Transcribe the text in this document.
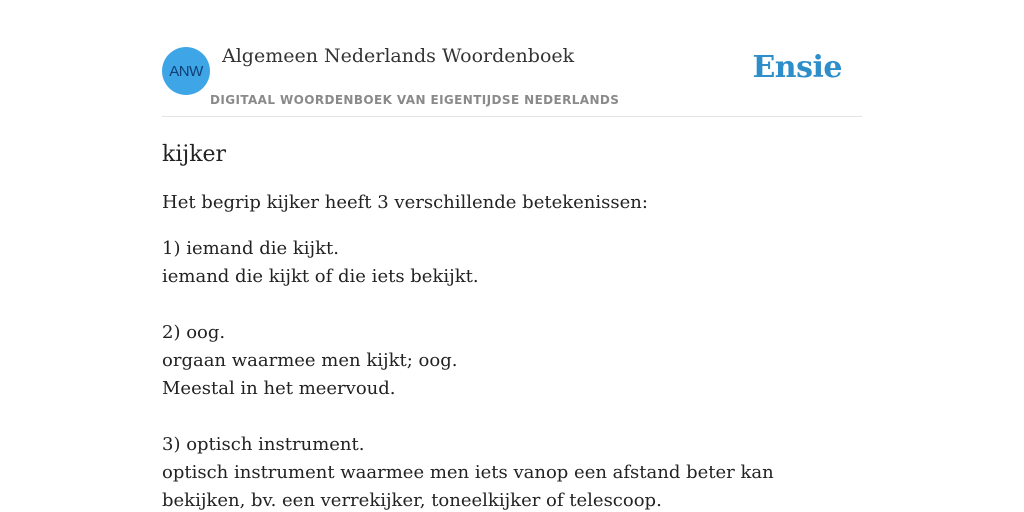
ANW
Algemeen Nederlands Woordenboek
DIGITAAL WOORDENBOEK VAN EIGENTIJDSE NEDERLANDS
Ensie
kijker

Het begrip kijker heeft 3 verschillende betekenissen:

1) iemand die kijkt.

iemand die kijkt of die iets bekijkt.

2) oog.

orgaan waarmee men kijkt; oog.

Meestal in het meervoud.

3) optisch instrument.

optisch instrument waarmee men iets vanop een afstand beter kan bekijken, bv. een verrekijker, toneelkijker of telescoop.
